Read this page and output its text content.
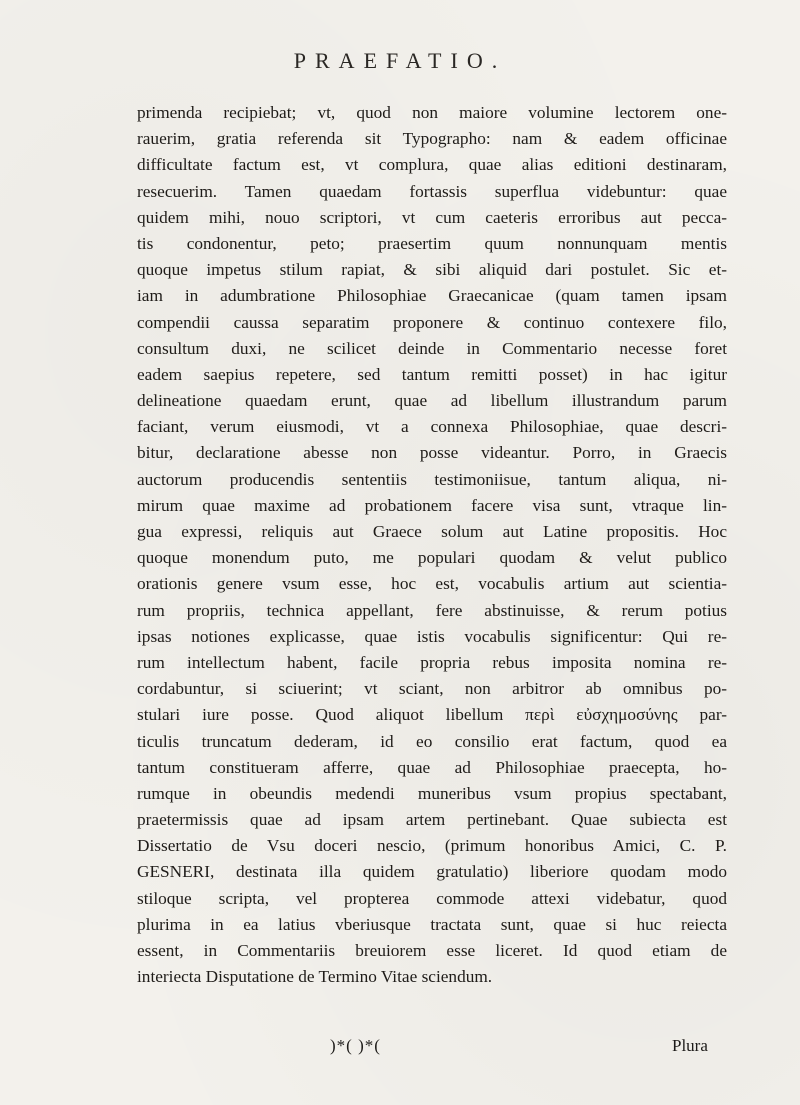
PRAEFATIO.
primenda recipiebat; vt, quod non maiore volumine lectorem one-
rauerim, gratia referenda sit Typographo: nam & eadem officinae
difficultate factum est, vt complura, quae alias editioni destinaram,
resecuerim. Tamen quaedam fortassis superflua videbuntur: quae
quidem mihi, nouo scriptori, vt cum caeteris erroribus aut pecca-
tis condonentur, peto; praesertim quum nonnunquam mentis
quoque impetus stilum rapiat, & sibi aliquid dari postulet. Sic et-
iam in adumbratione Philosophiae Graecanicae (quam tamen ipsam
compendii caussa separatim proponere & continuo contexere filo,
consultum duxi, ne scilicet deinde in Commentario necesse foret
eadem saepius repetere, sed tantum remitti posset) in hac igitur
delineatione quaedam erunt, quae ad libellum illustrandum parum
faciant, verum eiusmodi, vt a connexa Philosophiae, quae descri-
bitur, declaratione abesse non posse videantur. Porro, in Graecis
auctorum producendis sententiis testimoniisue, tantum aliqua, ni-
mirum quae maxime ad probationem facere visa sunt, vtraque lin-
gua expressi, reliquis aut Graece solum aut Latine propositis. Hoc
quoque monendum puto, me populari quodam & velut publico
orationis genere vsum esse, hoc est, vocabulis artium aut scientia-
rum propriis, technica appellant, fere abstinuisse, & rerum potius
ipsas notiones explicasse, quae istis vocabulis significentur: Qui re-
rum intellectum habent, facile propria rebus imposita nomina re-
cordabuntur, si sciuerint; vt sciant, non arbitror ab omnibus po-
stulari iure posse. Quod aliquot libellum περὶ εὐσχημοσύνης par-
ticulis truncatum dederam, id eo consilio erat factum, quod ea
tantum constitueram afferre, quae ad Philosophiae praecepta, ho-
rumque in obeundis medendi muneribus vsum propius spectabant,
praetermissis quae ad ipsam artem pertinebant. Quae subiecta est
Dissertatio de Vsu doceri nescio, (primum honoribus Amici, C. P.
GESNERI, destinata illa quidem gratulatio) liberiore quodam modo
stiloque scripta, vel propterea commode attexi videbatur, quod
plurima in ea latius vberiusque tractata sunt, quae si huc reiecta
essent, in Commentariis breuiorem esse liceret. Id quod etiam de
interiecta Disputatione de Termino Vitae sciendum.
)*( )*(	Plura
